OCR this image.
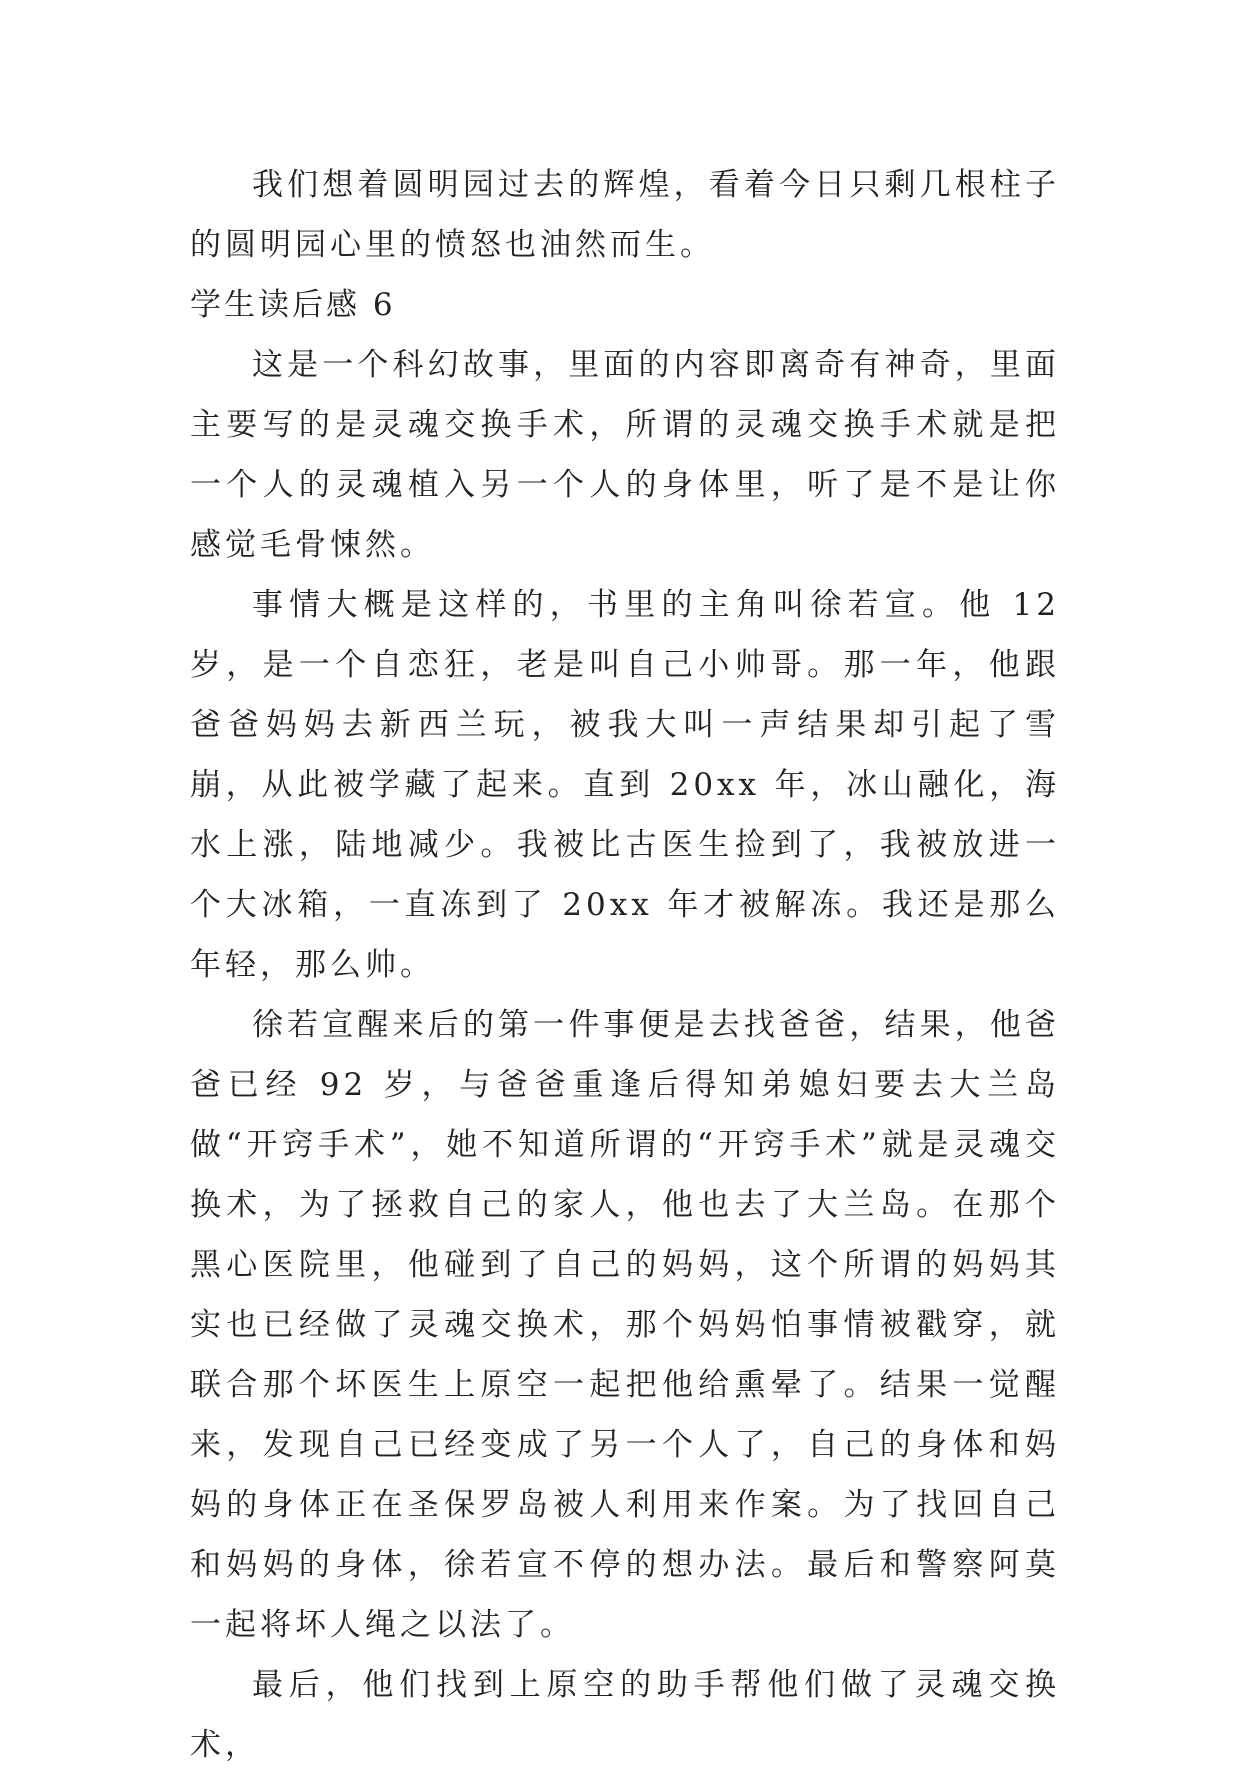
我们想着圆明园过去的辉煌，看着今日只剩几根柱子的圆明园心里的愤怒也油然而生。

学生读后感 6

这是一个科幻故事，里面的内容即离奇有神奇，里面主要写的是灵魂交换手术，所谓的灵魂交换手术就是把一个人的灵魂植入另一个人的身体里，听了是不是让你感觉毛骨悚然。

事情大概是这样的，书里的主角叫徐若宣。他 12 岁，是一个自恋狂，老是叫自己小帅哥。那一年，他跟爸爸妈妈去新西兰玩，被我大叫一声结果却引起了雪崩，从此被学藏了起来。直到 20xx 年，冰山融化，海水上涨，陆地减少。我被比古医生捡到了，我被放进一个大冰箱，一直冻到了 20xx 年才被解冻。我还是那么年轻，那么帅。

徐若宣醒来后的第一件事便是去找爸爸，结果，他爸爸已经 92 岁，与爸爸重逢后得知弟媳妇要去大兰岛做“开窍手术”，她不知道所谓的“开窍手术”就是灵魂交换术，为了拯救自己的家人，他也去了大兰岛。在那个黑心医院里，他碰到了自己的妈妈，这个所谓的妈妈其实也已经做了灵魂交换术，那个妈妈怕事情被戳穿，就联合那个坏医生上原空一起把他给熏晕了。结果一觉醒来，发现自己已经变成了另一个人了，自己的身体和妈妈的身体正在圣保罗岛被人利用来作案。为了找回自己和妈妈的身体，徐若宣不停的想办法。最后和警察阿莫一起将坏人绳之以法了。

最后，他们找到上原空的助手帮他们做了灵魂交换术，
